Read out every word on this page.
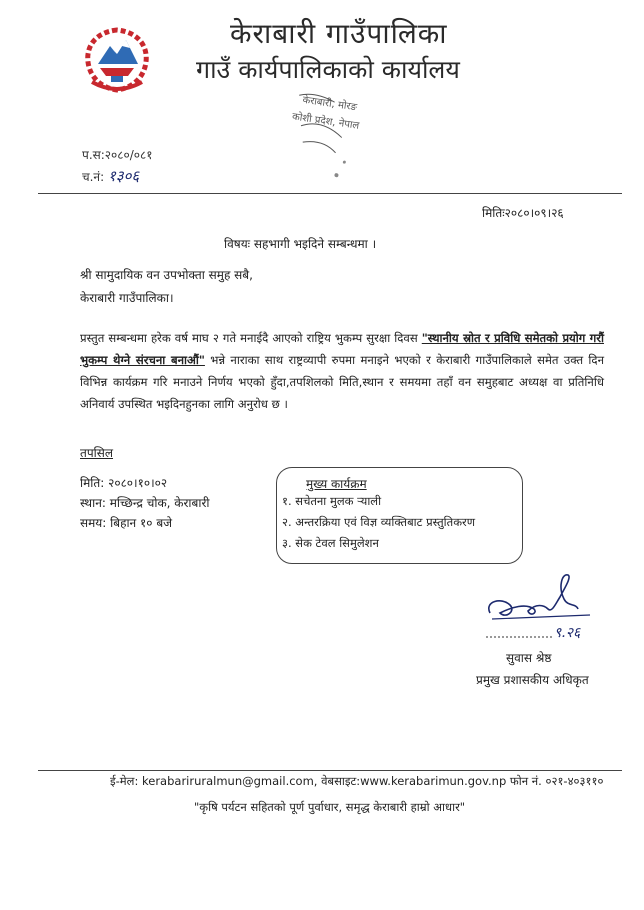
केराबारी गाउँपालिका
गाउँ कार्यपालिकाको कार्यालय
केराबारी, मोरङ
कोशी प्रदेश, नेपाल
प.स:२०८०/०८१
च.नं: १३०६
मितिः२०८०।०९।२६
विषयः सहभागी भइदिने सम्बन्धमा ।
श्री सामुदायिक वन उपभोक्ता समुह सबै,
केराबारी गाउँपालिका।
प्रस्तुत सम्बन्धमा हरेक वर्ष माघ २ गते मनाईदै आएको राष्ट्रिय भुकम्प सुरक्षा दिवस "स्थानीय स्रोत र प्रविधि समेतको प्रयोग गरौं भुकम्प थेग्ने संरचना बनाऔं" भन्ने नाराका साथ राष्ट्रव्यापी रुपमा मनाइने भएको र केराबारी गाउँपालिकाले समेत उक्त दिन विभिन्न कार्यक्रम गरि मनाउने निर्णय भएको हुँदा,तपशिलको मिति,स्थान र समयमा तहाँ वन समुहबाट अध्यक्ष वा प्रतिनिधि अनिवार्य उपस्थित भइदिनहुनका लागि अनुरोध छ ।
तपसिल
मिति: २०८०।१०।०२
स्थान: मच्छिन्द्र चोक, केराबारी
समय: बिहान १० बजे
मुख्य कार्यक्रम
१. सचेतना मुलक र्‍याली
२. अन्तरक्रिया एवं विज्ञ व्यक्तिबाट प्रस्तुतिकरण
३. सेक टेवल सिमुलेशन
९.२६
सुवास श्रेष्ठ
प्रमुख प्रशासकीय अधिकृत
ई-मेल: kerabariruralmun@gmail.com, वेबसाइट:www.kerabarimun.gov.np फोन नं. ०२१-४०३११०
"कृषि पर्यटन सहितको पूर्ण पुर्वाधार, समृद्ध केराबारी हाम्रो आधार"
